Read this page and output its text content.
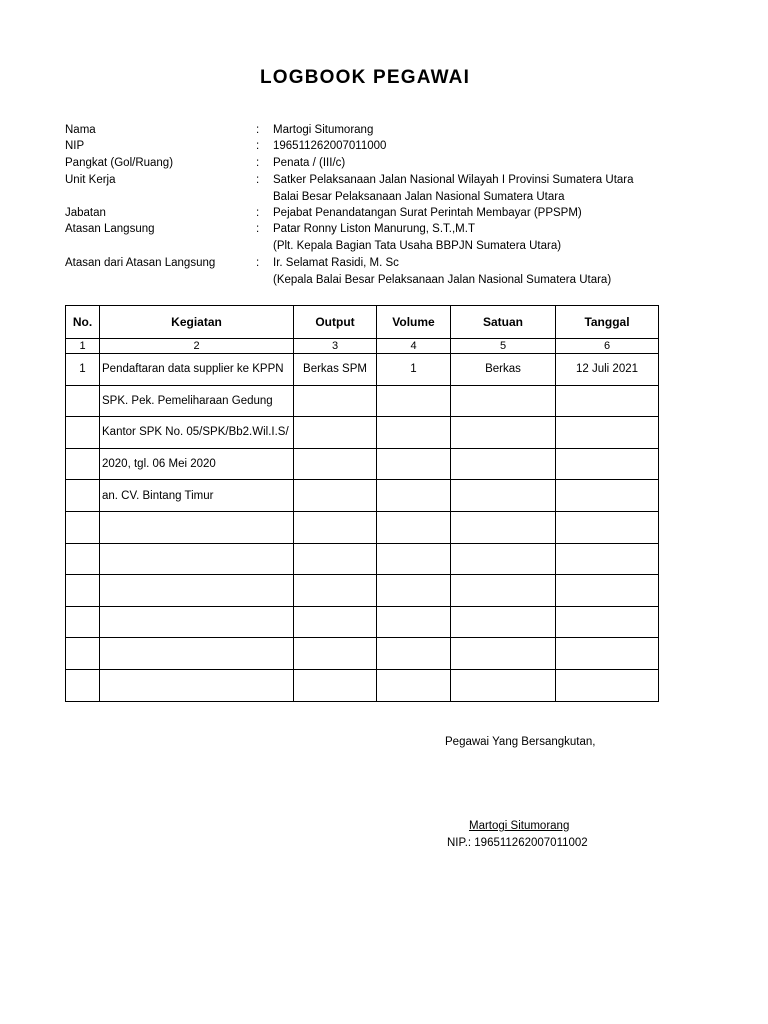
LOGBOOK PEGAWAI
Nama	: Martogi Situmorang
NIP	: 196511262007011000
Pangkat (Gol/Ruang)	: Penata / (III/c)
Unit Kerja	: Satker Pelaksanaan Jalan Nasional Wilayah I Provinsi Sumatera Utara
Balai Besar Pelaksanaan Jalan Nasional Sumatera Utara
Jabatan	: Pejabat Penandatangan Surat Perintah Membayar (PPSPM)
Atasan Langsung	: Patar Ronny Liston Manurung, S.T.,M.T
(Plt. Kepala Bagian Tata Usaha BBPJN Sumatera Utara)
Atasan dari Atasan Langsung	: Ir. Selamat Rasidi, M. Sc
(Kepala Balai Besar Pelaksanaan Jalan Nasional Sumatera Utara)
No.	Kegiatan	Output	Volume	Satuan	Tanggal
1	2	3	4	5	6
1	Pendaftaran data supplier ke KPPN	Berkas SPM	1	Berkas	12 Juli 2021
	SPK. Pek. Pemeliharaan Gedung				
	Kantor SPK No. 05/SPK/Bb2.Wil.I.S/				
	2020, tgl. 06 Mei 2020				
	an. CV. Bintang Timur				

Pegawai Yang Bersangkutan,
Martogi Situmorang
NIP.: 196511262007011002
